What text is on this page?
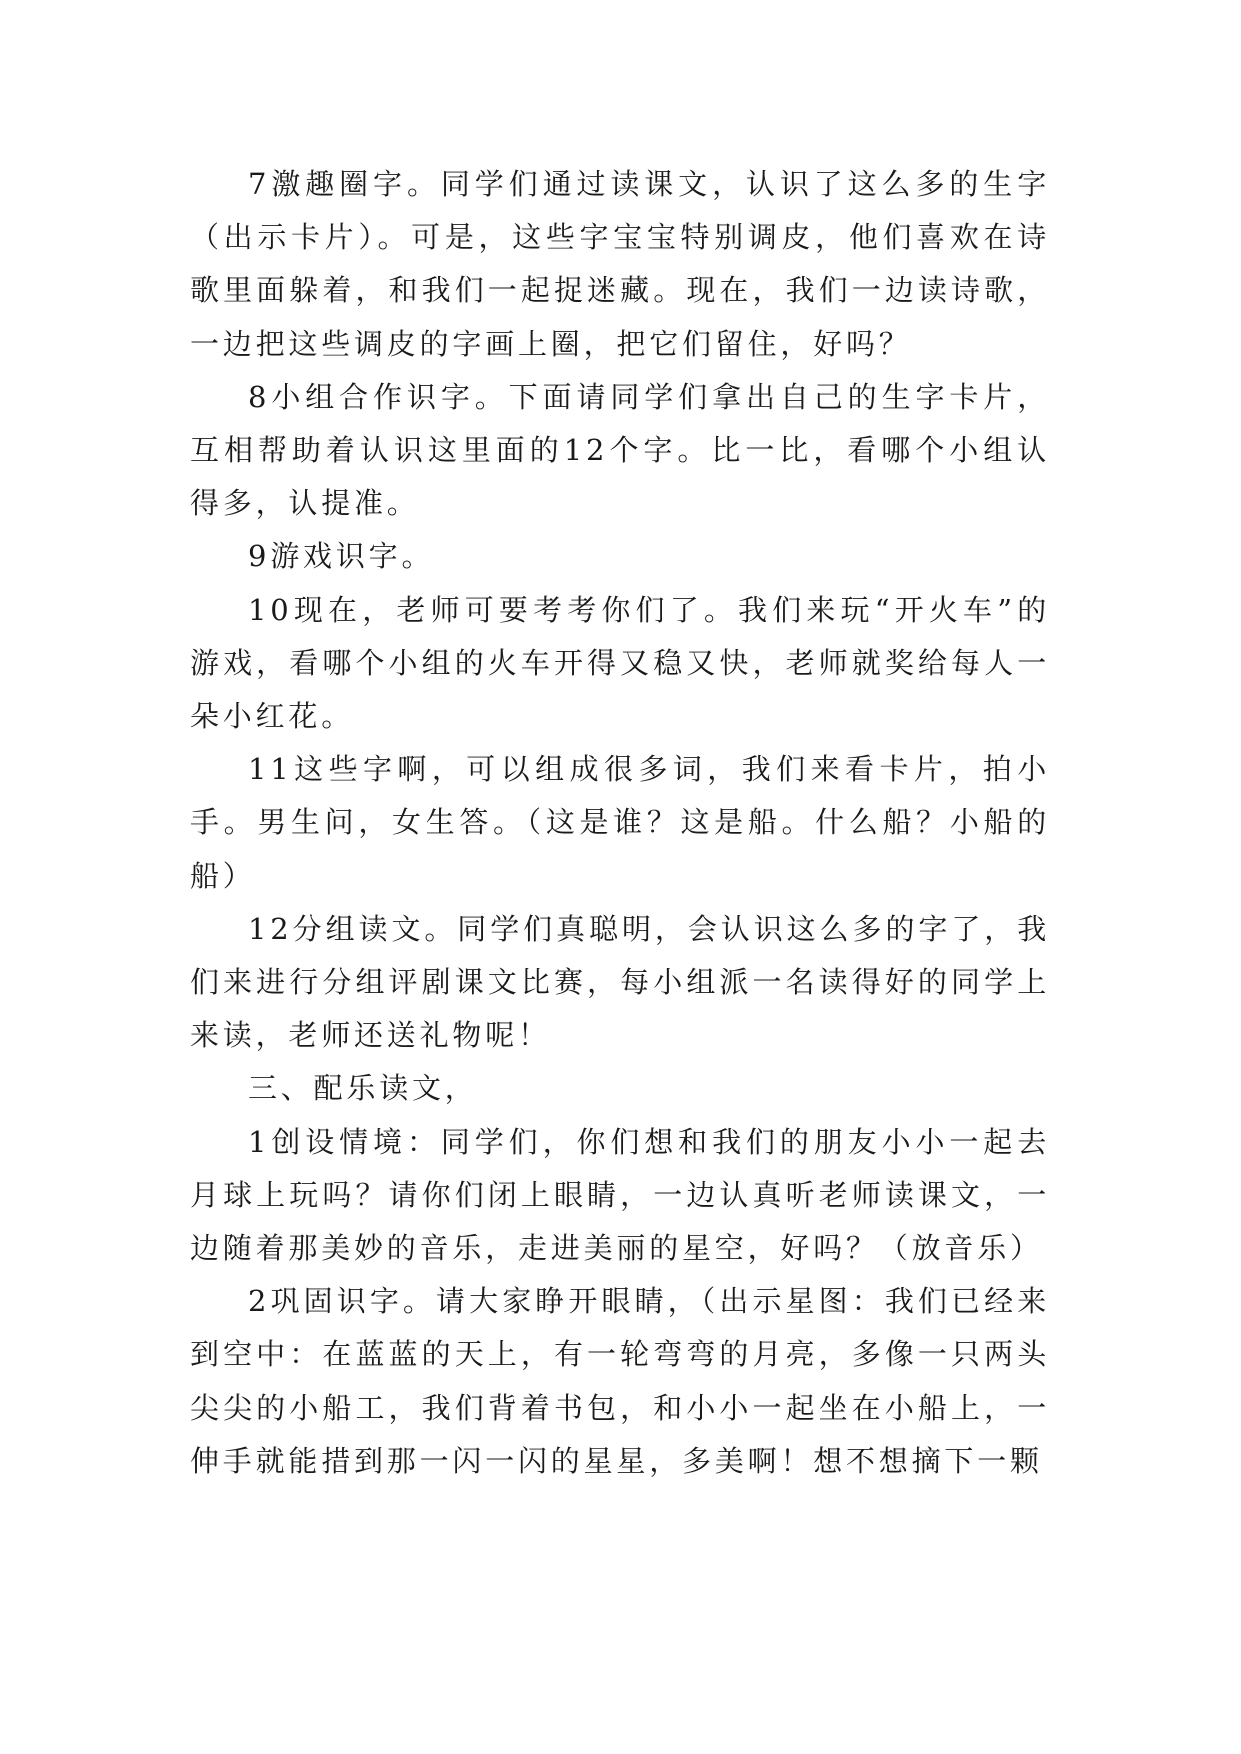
7激趣圈字。同学们通过读课文，认识了这么多的生字（出示卡片）。可是，这些字宝宝特别调皮，他们喜欢在诗歌里面躲着，和我们一起捉迷藏。现在，我们一边读诗歌，一边把这些调皮的字画上圈，把它们留住，好吗？

8小组合作识字。下面请同学们拿出自己的生字卡片，互相帮助着认识这里面的12个字。比一比，看哪个小组认得多，认提准。

9游戏识字。

10现在，老师可要考考你们了。我们来玩“开火车”的游戏，看哪个小组的火车开得又稳又快，老师就奖给每人一朵小红花。

11这些字啊，可以组成很多词，我们来看卡片，拍小手。男生问，女生答。（这是谁？这是船。什么船？小船的船）

12分组读文。同学们真聪明，会认识这么多的字了，我们来进行分组评剧课文比赛，每小组派一名读得好的同学上来读，老师还送礼物呢！

三、配乐读文，

1创设情境：同学们，你们想和我们的朋友小小一起去月球上玩吗？请你们闭上眼睛，一边认真听老师读课文，一边随着那美妙的音乐，走进美丽的星空，好吗？（放音乐）

2巩固识字。请大家睁开眼睛，（出示星图：我们已经来到空中：在蓝蓝的天上，有一轮弯弯的月亮，多像一只两头尖尖的小船工，我们背着书包，和小小一起坐在小船上，一伸手就能措到那一闪一闪的星星，多美啊！想不想摘下一颗
